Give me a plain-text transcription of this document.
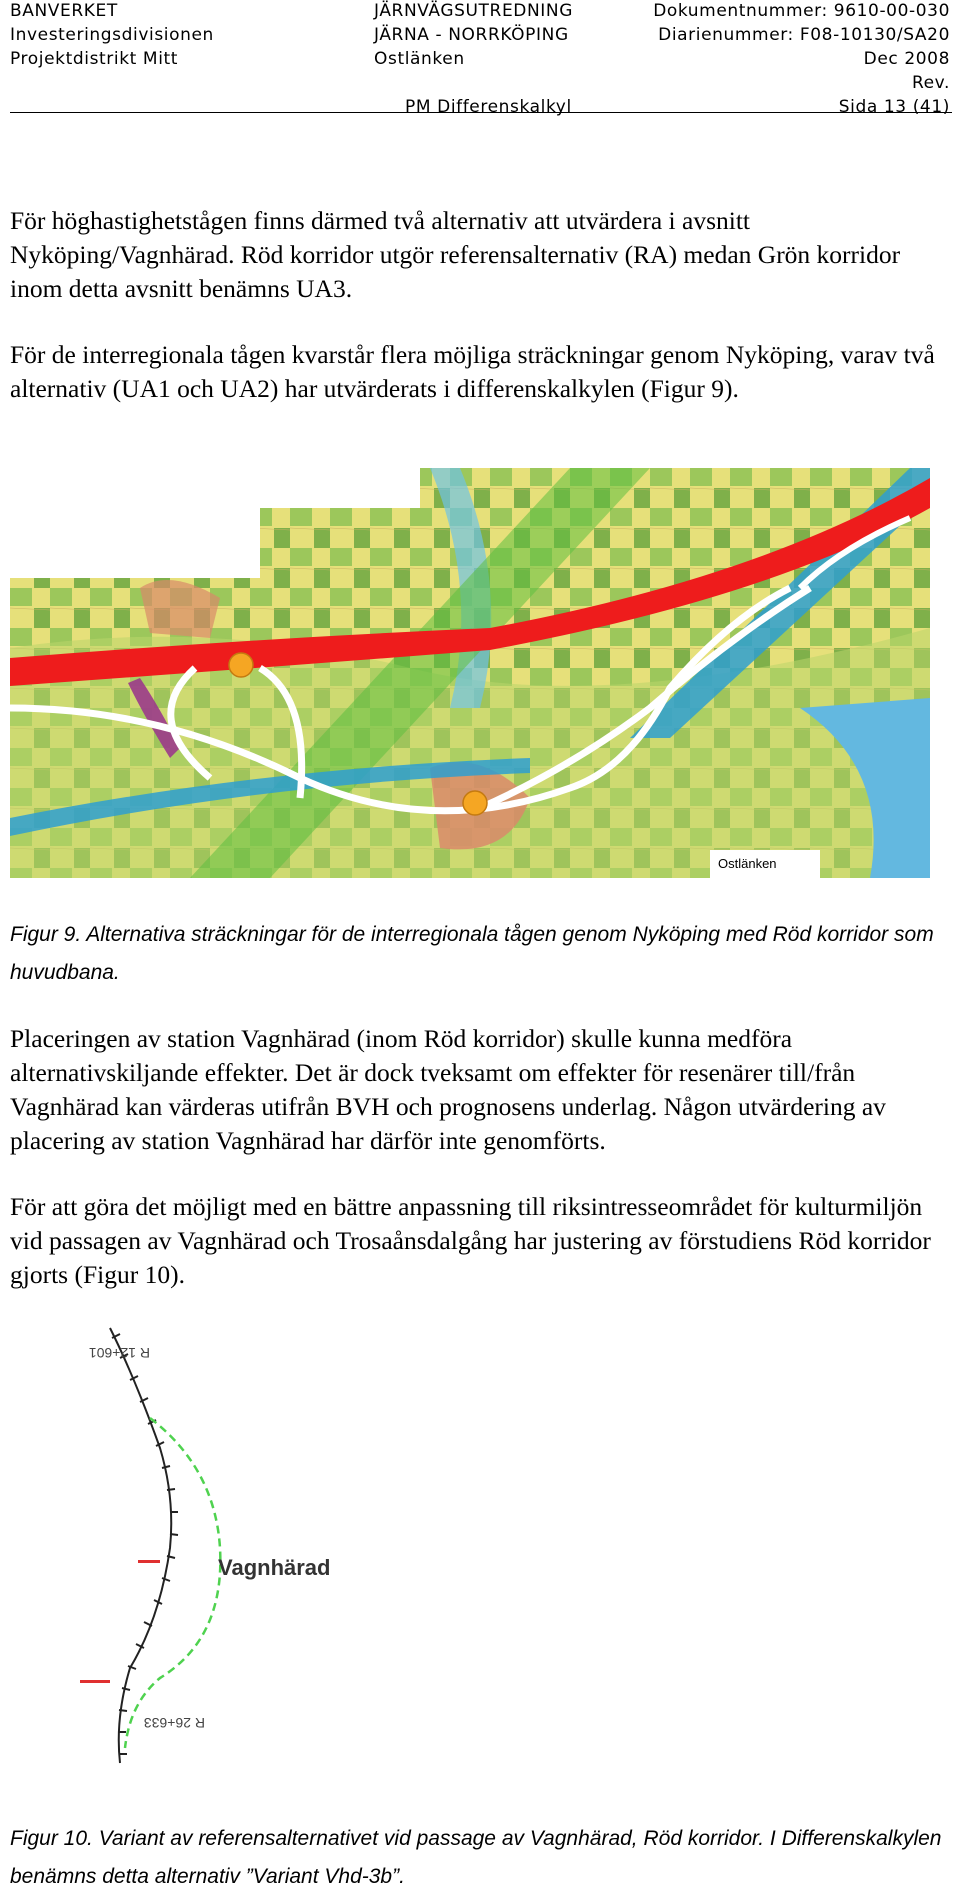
BANVERKET	JÄRNVÄGSUTREDNING	Dokumentnummer: 9610-00-030
Investeringsdivisionen	JÄRNA - NORRKÖPING	Diarienummer: F08-10130/SA20
Projektdistrikt Mitt	Ostlänken	Dec 2008
Rev.
PM Differenskalkyl	Sida 13 (41)
För höghastighetstågen finns därmed två alternativ att utvärdera i avsnitt Nyköping/Vagnhärad. Röd korridor utgör referensalternativ (RA) medan Grön korridor inom detta avsnitt benämns UA3.
För de interregionala tågen kvarstår flera möjliga sträckningar genom Nyköping, varav två alternativ (UA1 och UA2) har utvärderats i differenskalkylen (Figur 9).
Ostlänken
Figur 9. Alternativa sträckningar för de interregionala tågen genom Nyköping med Röd korridor som huvudbana.
Placeringen av station Vagnhärad (inom Röd korridor) skulle kunna medföra alternativskiljande effekter. Det är dock tveksamt om effekter för resenärer till/från Vagnhärad kan värderas utifrån BVH och prognosens underlag. Någon utvärdering av placering av station Vagnhärad har därför inte genomförts.
För att göra det möjligt med en bättre anpassning till riksintresseområdet för kulturmiljön vid passagen av Vagnhärad och Trosaånsdalgång har justering av förstudiens Röd korridor gjorts (Figur 10).
R 12+601
R 26+633
Vagnhärad
Figur 10. Variant av referensalternativet vid passage av Vagnhärad, Röd korridor. I Differenskalkylen benämns detta alternativ ”Variant Vhd-3b”.
